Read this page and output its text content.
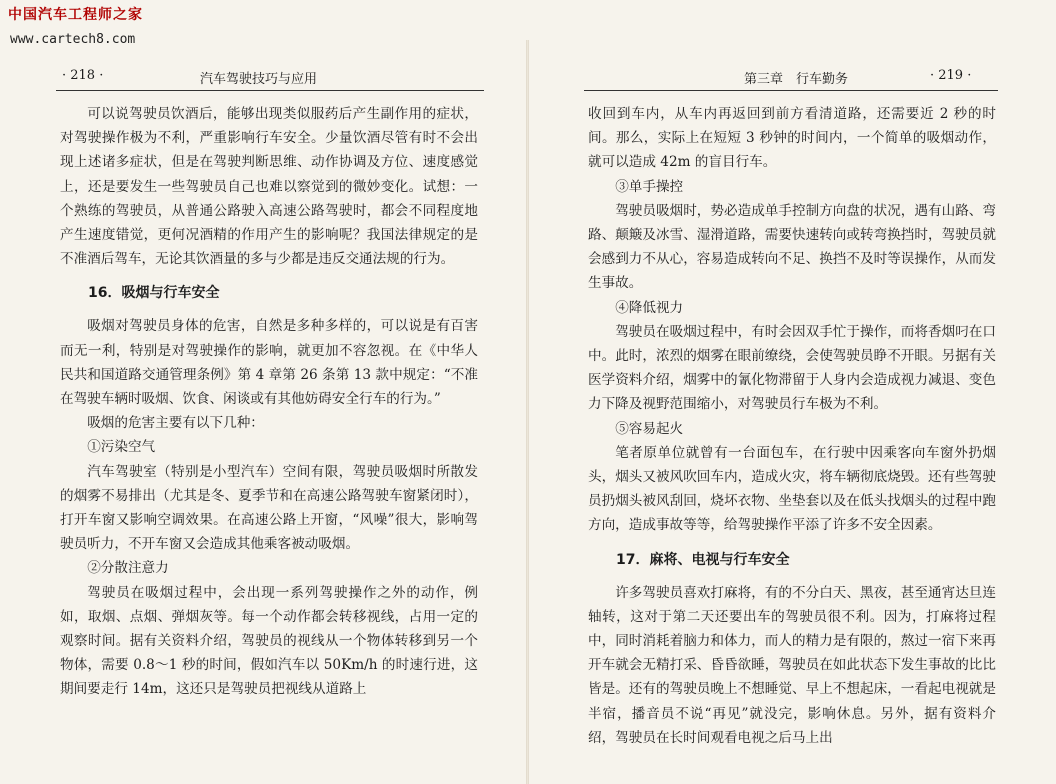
中国汽车工程师之家
www.cartech8.com
· 218 ·	汽车驾驶技巧与应用

可以说驾驶员饮酒后，能够出现类似服药后产生副作用的症状，对驾驶操作极为不利，严重影响行车安全。少量饮酒尽管有时不会出现上述诸多症状，但是在驾驶判断思维、动作协调及方位、速度感觉上，还是要发生一些驾驶员自己也难以察觉到的微妙变化。试想：一个熟练的驾驶员，从普通公路驶入高速公路驾驶时，都会不同程度地产生速度错觉，更何况酒精的作用产生的影响呢？我国法律规定的是不准酒后驾车，无论其饮酒量的多与少都是违反交通法规的行为。

16．吸烟与行车安全

吸烟对驾驶员身体的危害，自然是多种多样的，可以说是有百害而无一利，特别是对驾驶操作的影响，就更加不容忽视。在《中华人民共和国道路交通管理条例》第 4 章第 26 条第 13 款中规定：“不准在驾驶车辆时吸烟、饮食、闲谈或有其他妨碍安全行车的行为。”

吸烟的危害主要有以下几种：

①污染空气

汽车驾驶室（特别是小型汽车）空间有限，驾驶员吸烟时所散发的烟雾不易排出（尤其是冬、夏季节和在高速公路驾驶车窗紧闭时），打开车窗又影响空调效果。在高速公路上开窗，“风噪”很大，影响驾驶员听力，不开车窗又会造成其他乘客被动吸烟。

②分散注意力

驾驶员在吸烟过程中，会出现一系列驾驶操作之外的动作，例如，取烟、点烟、弹烟灰等。每一个动作都会转移视线，占用一定的观察时间。据有关资料介绍，驾驶员的视线从一个物体转移到另一个物体，需要 0.8～1 秒的时间，假如汽车以 50Km/h 的时速行进，这期间要走行 14m，这还只是驾驶员把视线从道路上

第三章　行车勤务	· 219 ·

收回到车内，从车内再返回到前方看清道路，还需要近 2 秒的时间。那么，实际上在短短 3 秒钟的时间内，一个简单的吸烟动作，就可以造成 42m 的盲目行车。

③单手操控

驾驶员吸烟时，势必造成单手控制方向盘的状况，遇有山路、弯路、颠簸及冰雪、湿滑道路，需要快速转向或转弯换挡时，驾驶员就会感到力不从心，容易造成转向不足、换挡不及时等误操作，从而发生事故。

④降低视力

驾驶员在吸烟过程中，有时会因双手忙于操作，而将香烟叼在口中。此时，浓烈的烟雾在眼前缭绕，会使驾驶员睁不开眼。另据有关医学资料介绍，烟雾中的氰化物滞留于人身内会造成视力减退、变色力下降及视野范围缩小，对驾驶员行车极为不利。

⑤容易起火

笔者原单位就曾有一台面包车，在行驶中因乘客向车窗外扔烟头，烟头又被风吹回车内，造成火灾，将车辆彻底烧毁。还有些驾驶员扔烟头被风刮回，烧坏衣物、坐垫套以及在低头找烟头的过程中跑方向，造成事故等等，给驾驶操作平添了许多不安全因素。

17．麻将、电视与行车安全

许多驾驶员喜欢打麻将，有的不分白天、黑夜，甚至通宵达旦连轴转，这对于第二天还要出车的驾驶员很不利。因为，打麻将过程中，同时消耗着脑力和体力，而人的精力是有限的，熬过一宿下来再开车就会无精打采、昏昏欲睡，驾驶员在如此状态下发生事故的比比皆是。还有的驾驶员晚上不想睡觉、早上不想起床，一看起电视就是半宿，播音员不说“再见”就没完，影响休息。另外，据有资料介绍，驾驶员在长时间观看电视之后马上出
